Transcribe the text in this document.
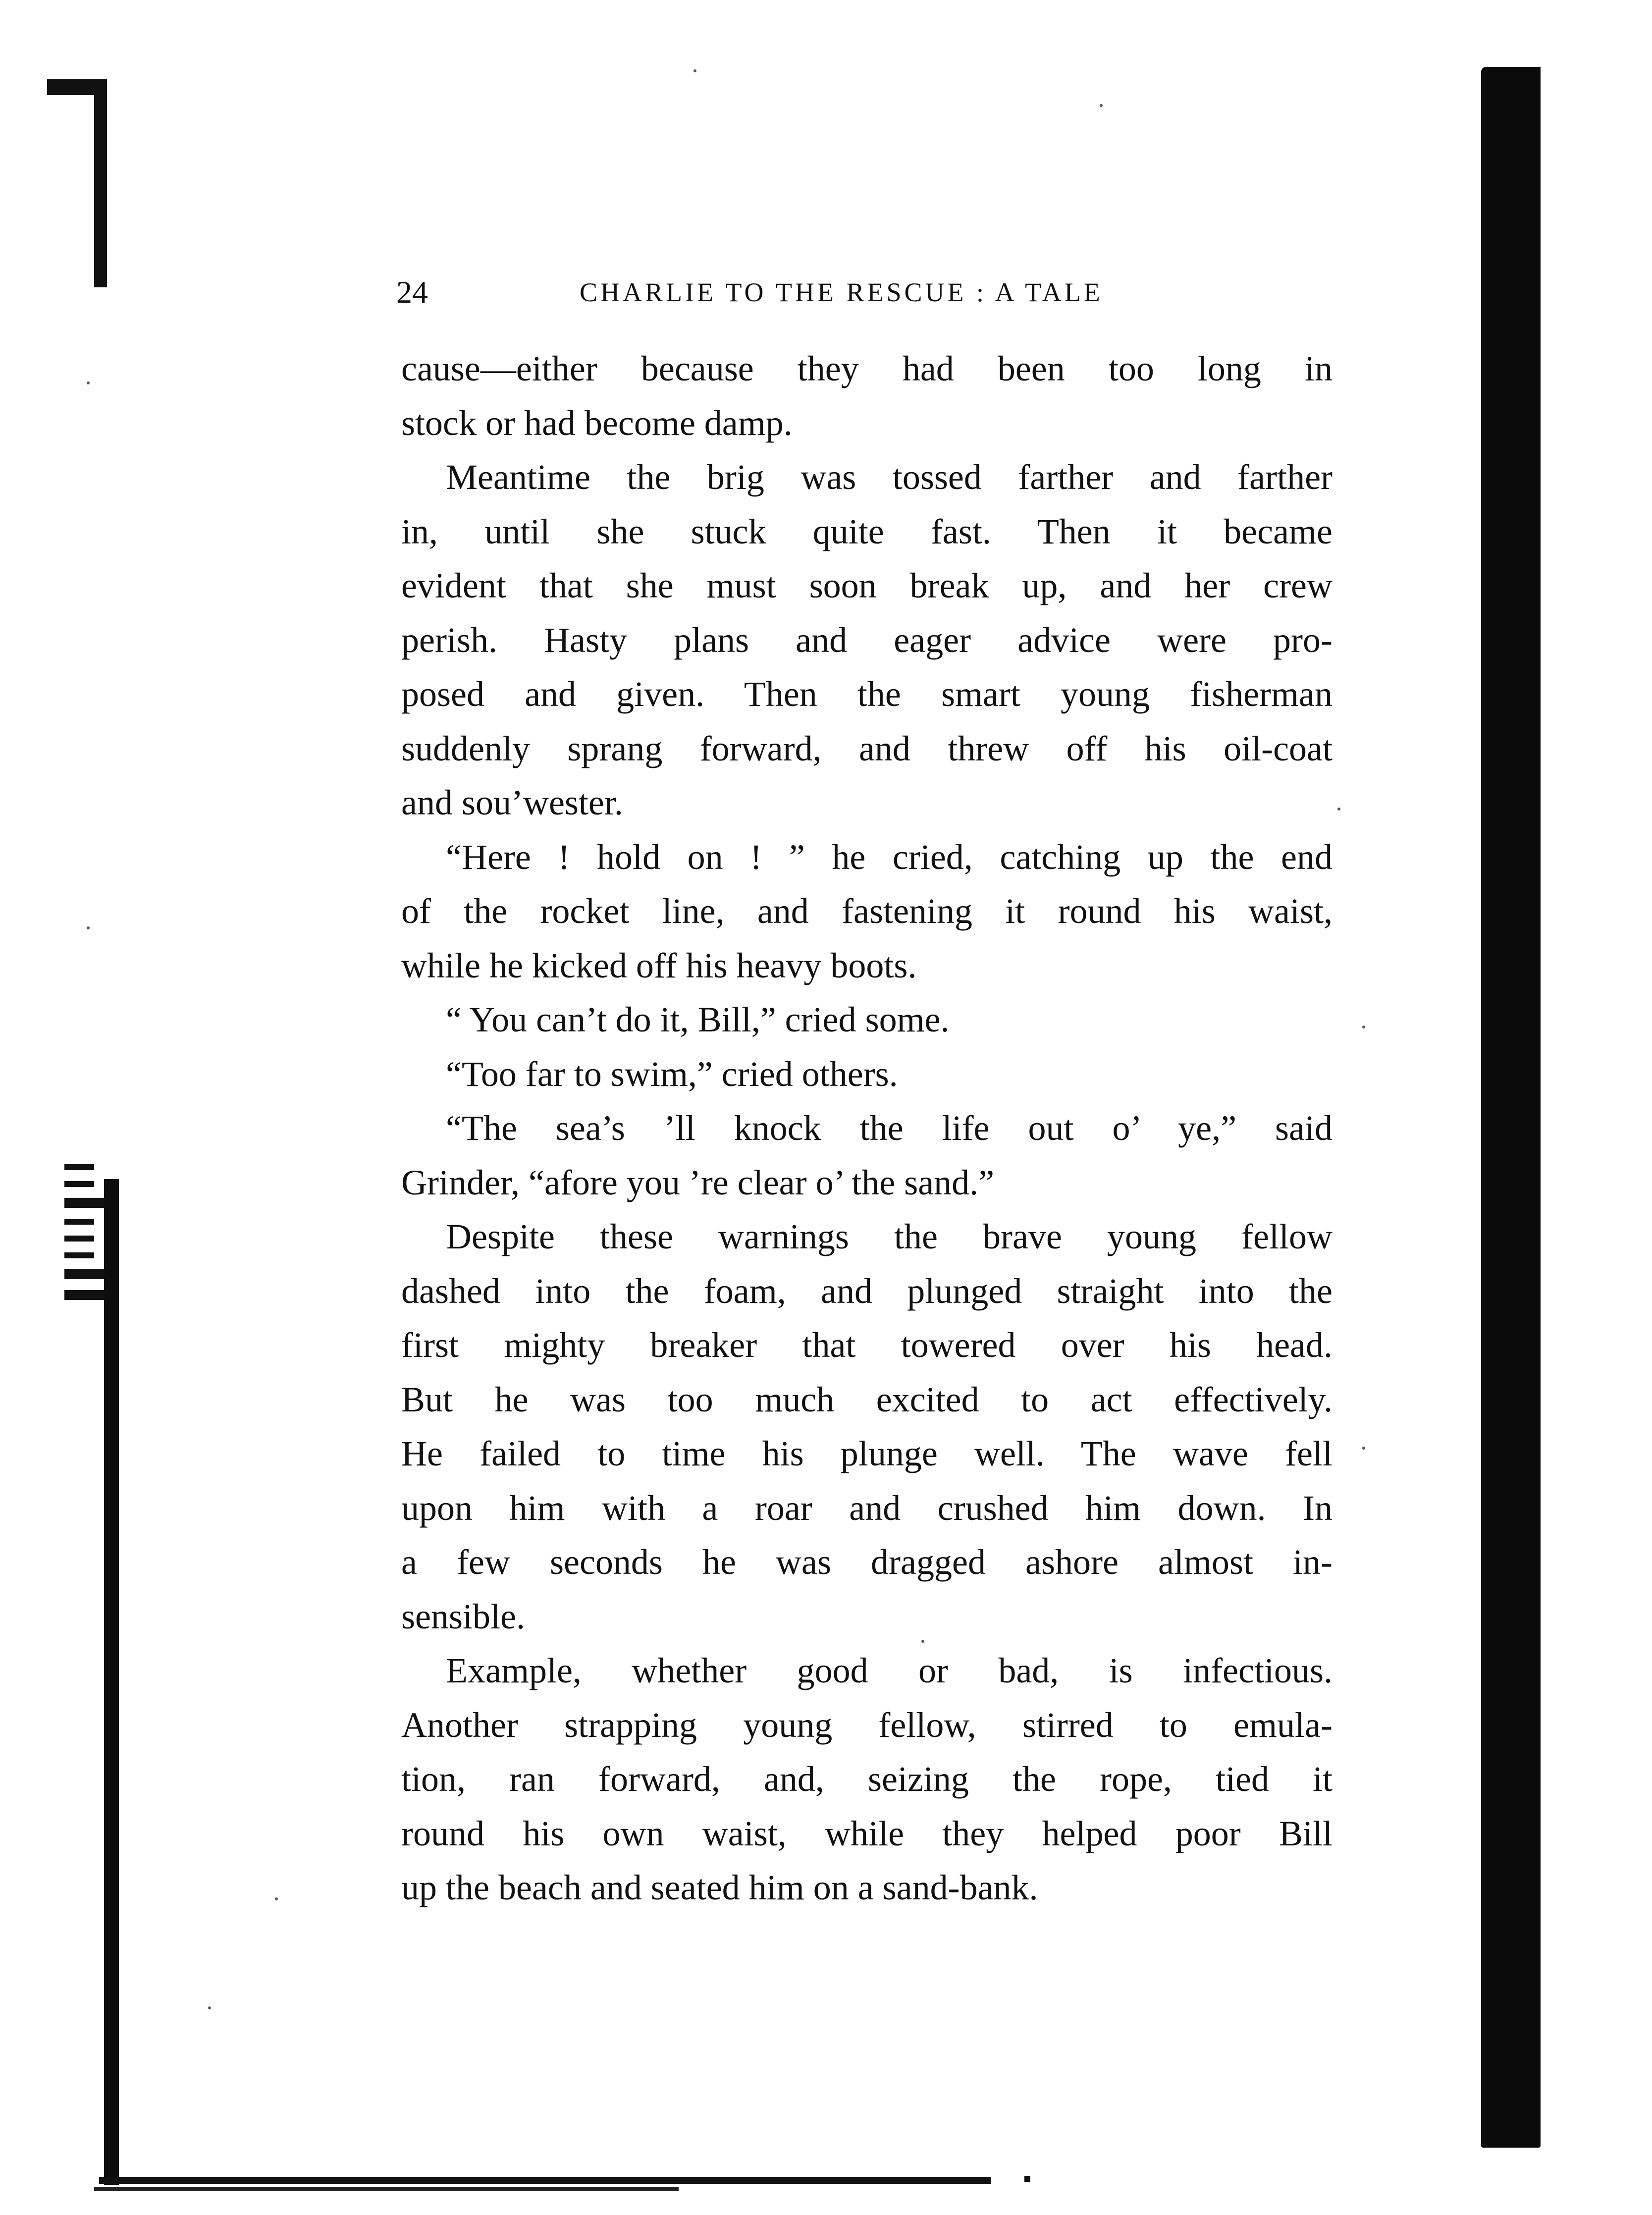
24	CHARLIE TO THE RESCUE : A TALE

cause—either because they had been too long in
stock or had become damp.

Meantime the brig was tossed farther and farther
in, until she stuck quite fast. Then it became
evident that she must soon break up, and her crew
perish. Hasty plans and eager advice were pro-
posed and given. Then the smart young fisherman
suddenly sprang forward, and threw off his oil-coat
and sou’wester.

“Here ! hold on ! ” he cried, catching up the end
of the rocket line, and fastening it round his waist,
while he kicked off his heavy boots.

“ You can’t do it, Bill,” cried some.

“Too far to swim,” cried others.

“The sea’s ’ll knock the life out o’ ye,” said
Grinder, “afore you ’re clear o’ the sand.”

Despite these warnings the brave young fellow
dashed into the foam, and plunged straight into the
first mighty breaker that towered over his head.
But he was too much excited to act effectively.
He failed to time his plunge well. The wave fell
upon him with a roar and crushed him down. In
a few seconds he was dragged ashore almost in-
sensible.

Example, whether good or bad, is infectious.
Another strapping young fellow, stirred to emula-
tion, ran forward, and, seizing the rope, tied it
round his own waist, while they helped poor Bill
up the beach and seated him on a sand-bank.
